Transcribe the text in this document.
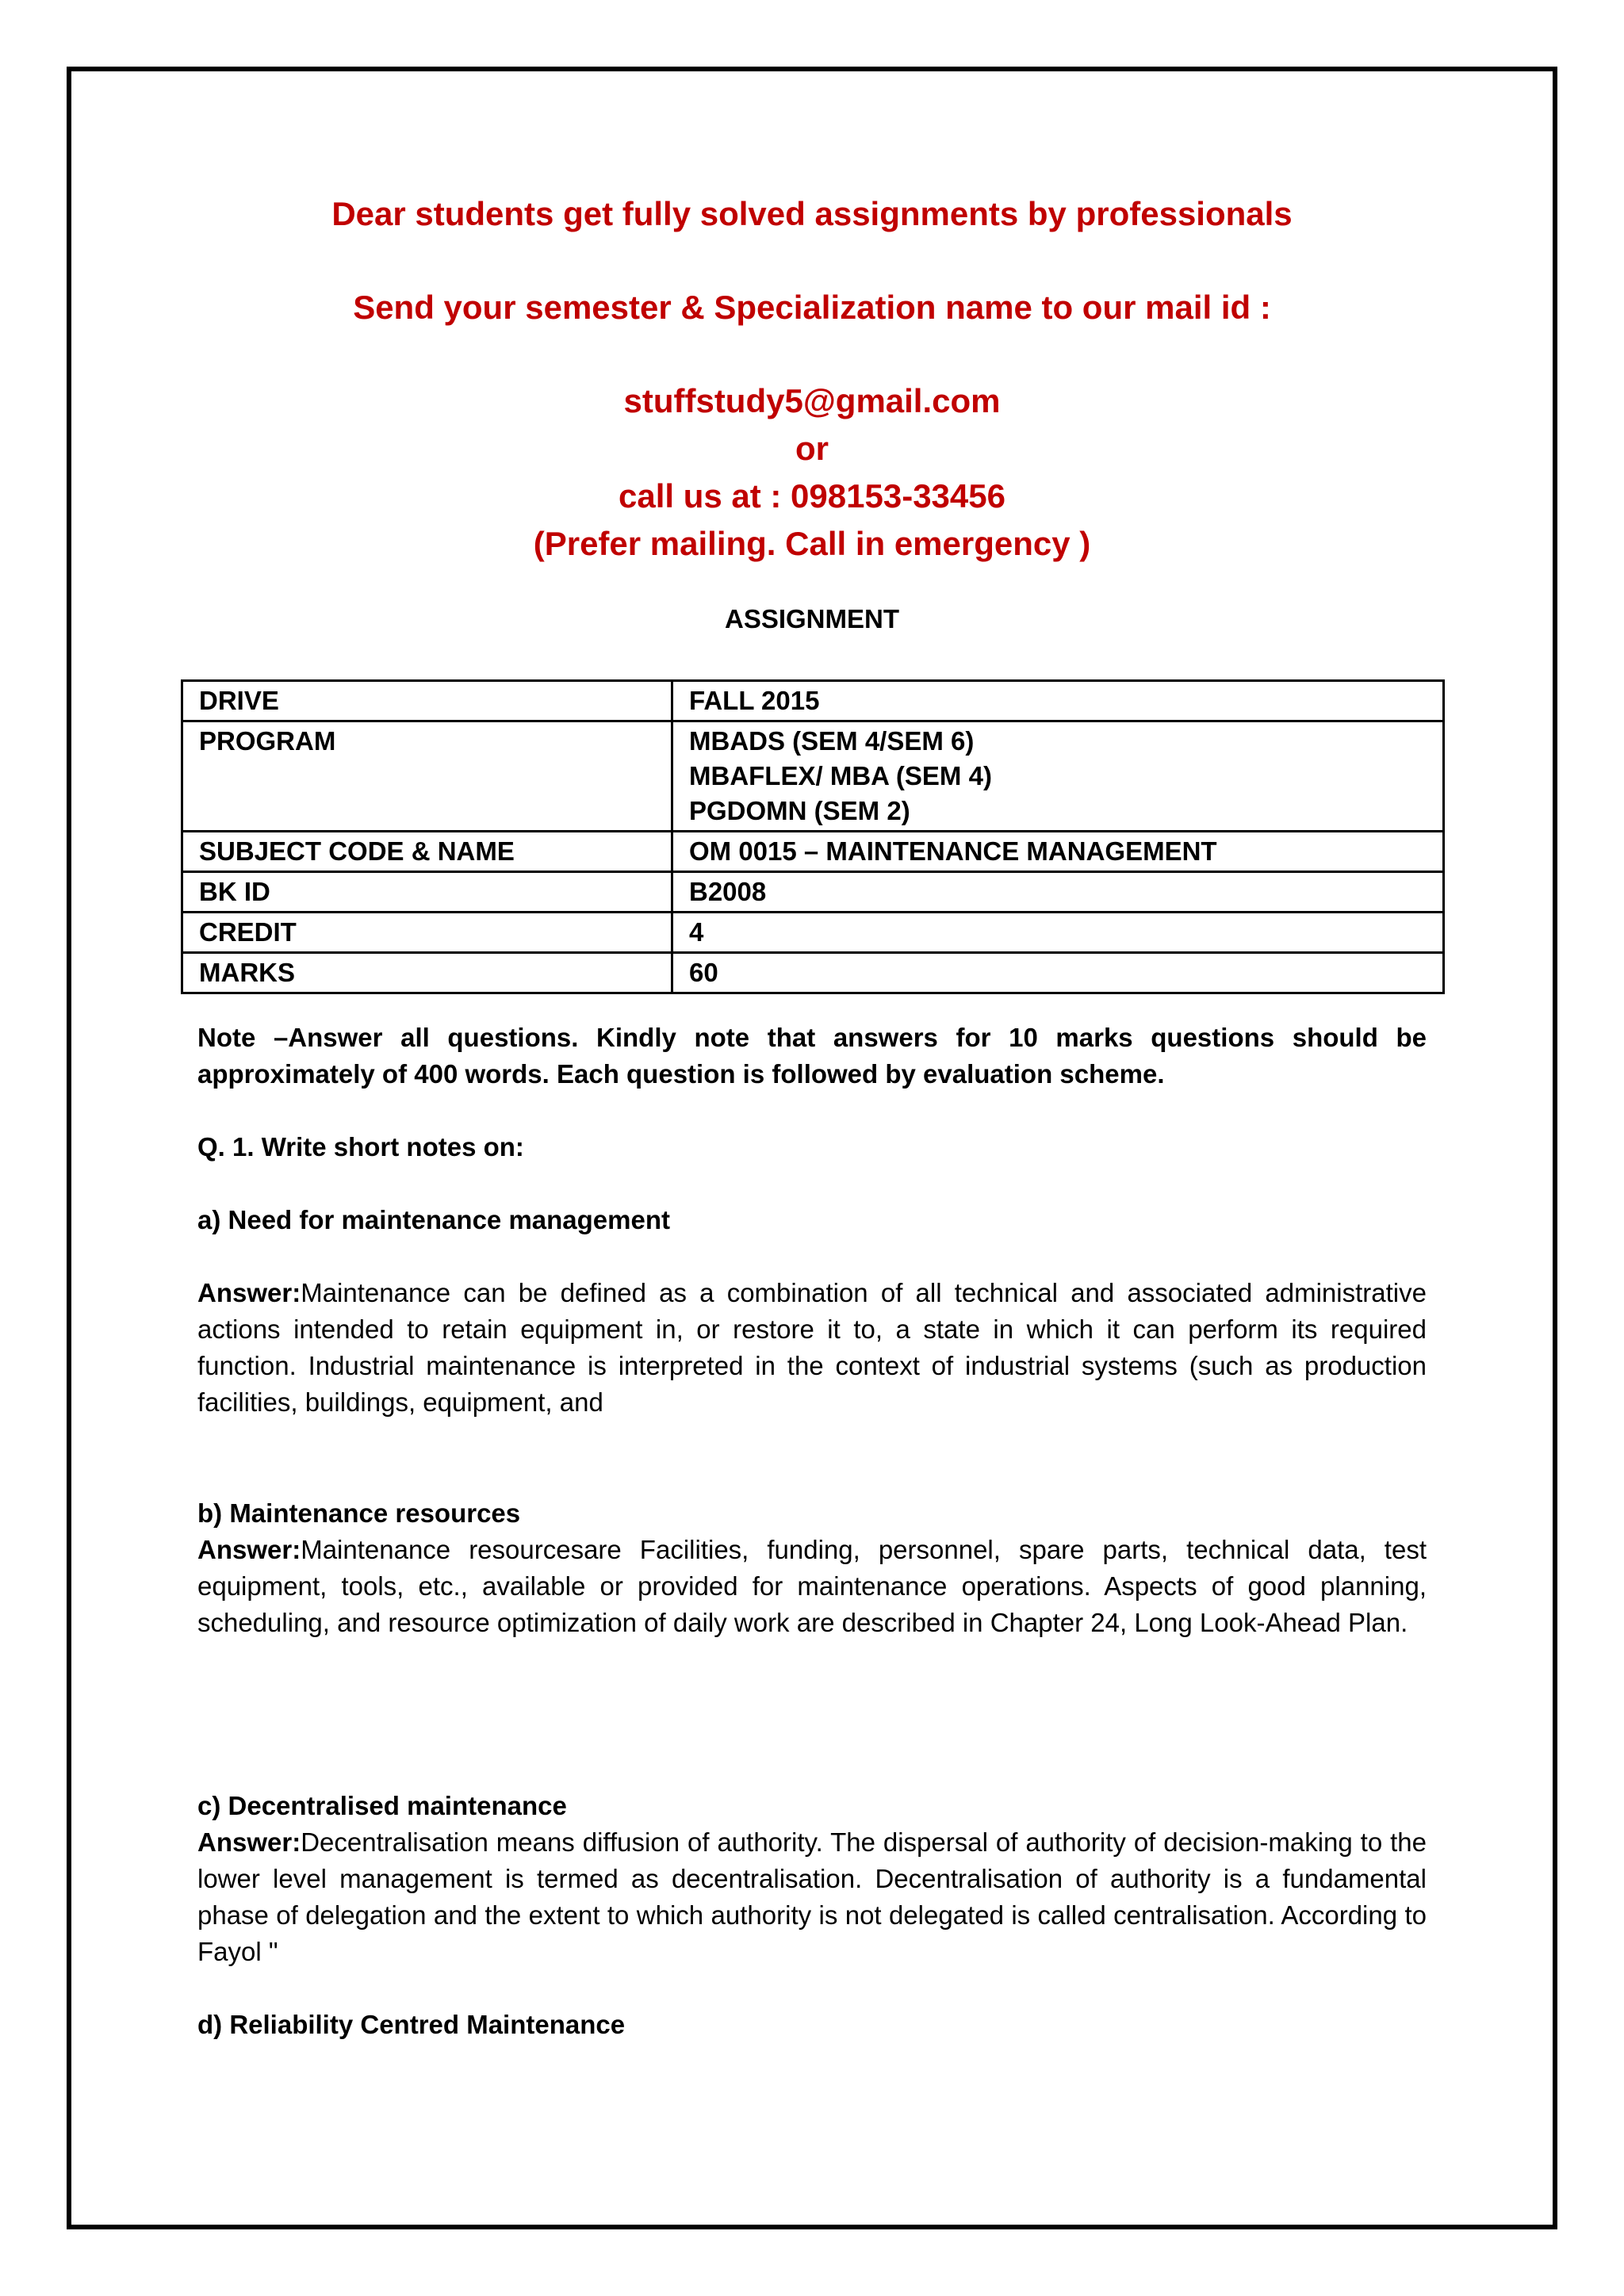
Dear students get fully solved assignments by professionals
Send your semester & Specialization name to our mail id :
stuffstudy5@gmail.com
or
call us at : 098153-33456
(Prefer mailing. Call in emergency )
ASSIGNMENT
DRIVE	FALL 2015
PROGRAM	MBADS (SEM 4/SEM 6)
MBAFLEX/ MBA (SEM 4)
PGDOMN (SEM 2)

SUBJECT CODE & NAME	OM 0015 – MAINTENANCE MANAGEMENT
BK ID	B2008
CREDIT	4
MARKS	60
Note –Answer all questions. Kindly note that answers for 10 marks questions should be approximately of 400 words. Each question is followed by evaluation scheme.
Q. 1. Write short notes on:
a) Need for maintenance management
Answer:Maintenance can be defined as a combination of all technical and associated administrative actions intended to retain equipment in, or restore it to, a state in which it can perform its required function. Industrial maintenance is interpreted in the context of industrial systems (such as production facilities, buildings, equipment, and
b) Maintenance resources
Answer:Maintenance resourcesare Facilities, funding, personnel, spare parts, technical data, test equipment, tools, etc., available or provided for maintenance operations. Aspects of good planning, scheduling, and resource optimization of daily work are described in Chapter 24, Long Look-Ahead Plan.
c) Decentralised maintenance
Answer:Decentralisation means diffusion of authority. The dispersal of authority of decision-making to the lower level management is termed as decentralisation. Decentralisation of authority is a fundamental phase of delegation and the extent to which authority is not delegated is called centralisation. According to Fayol "
d) Reliability Centred Maintenance
